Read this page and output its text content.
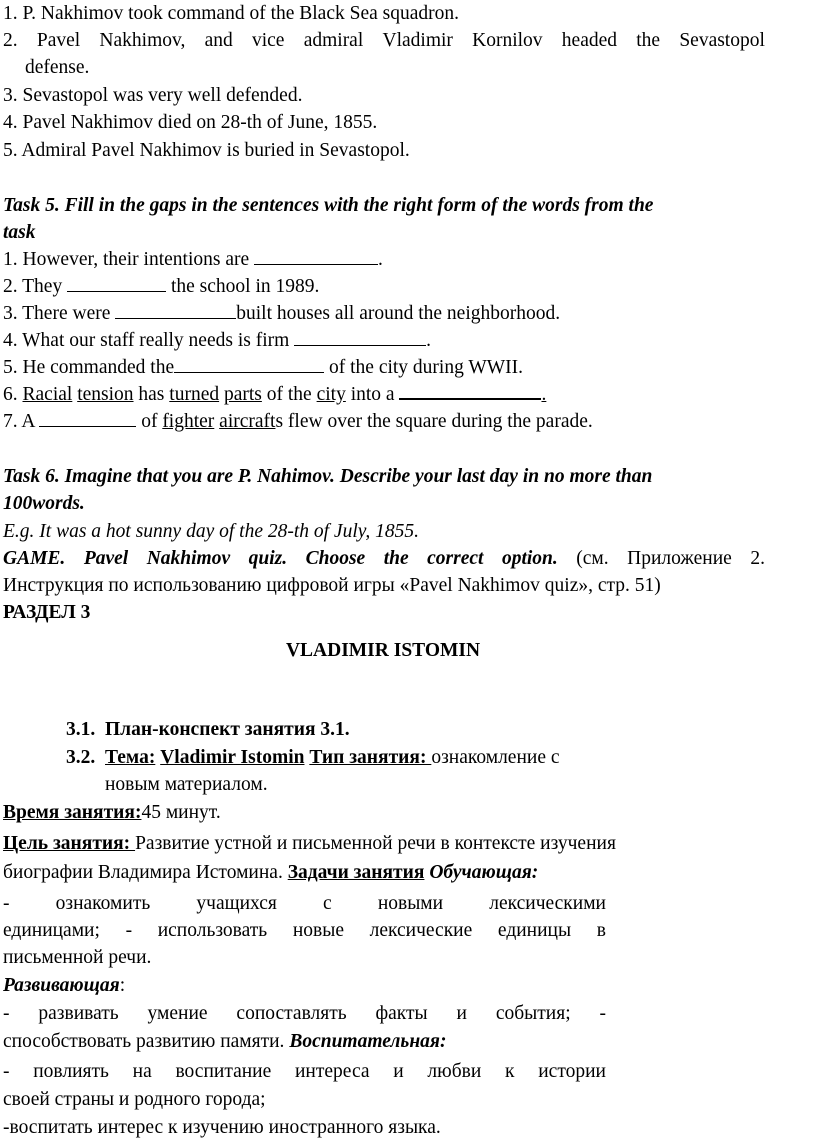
1. P. Nakhimov took command of the Black Sea squadron.
2. Pavel Nakhimov, and vice admiral Vladimir Kornilov headed the Sevastopol
defense.
3. Sevastopol was very well defended.
4. Pavel Nakhimov died on 28-th of June, 1855.
5. Admiral Pavel Nakhimov is buried in Sevastopol.
Task 5. Fill in the gaps in the sentences with the right form of the words from the
task
1. However, their intentions are	.
2. They	the school in 1989.
3. There were	built houses all around the neighborhood.
4. What our staff really needs is firm	.
5. He commanded the	of the city during WWII.
6. Racial tension has turned parts of the city into a	.
7. A	of fighter aircrafts flew over the square during the parade.
Task 6. Imagine that you are P. Nahimov. Describe your last day in no more than
100words.
E.g. It was a hot sunny day of the 28-th of July, 1855.
GAME. Pavel Nakhimov quiz. Choose the correct option. (см. Приложение 2.
Инструкция по использованию цифровой игры «Pavel Nakhimov quiz», стр. 51)
РАЗДЕЛ 3
VLADIMIR ISTOMIN
3.1. План-конспект занятия 3.1.
3.2. Тема: Vladimir Istomin Тип занятия: ознакомление с
новым материалом.
Время занятия:45 минут.
Цель занятия: Развитие устной и письменной речи в контексте изучения
биографии Владимира Истомина. Задачи занятия Обучающая:
- ознакомить учащихся с новыми лексическими
единицами; - использовать новые лексические единицы в
письменной речи.
Развивающая:
- развивать умение сопоставлять факты и события; -
способствовать развитию памяти. Воспитательная:
- повлиять на воспитание интереса и любви к истории
своей страны и родного города;
-воспитать интерес к изучению иностранного языка.
